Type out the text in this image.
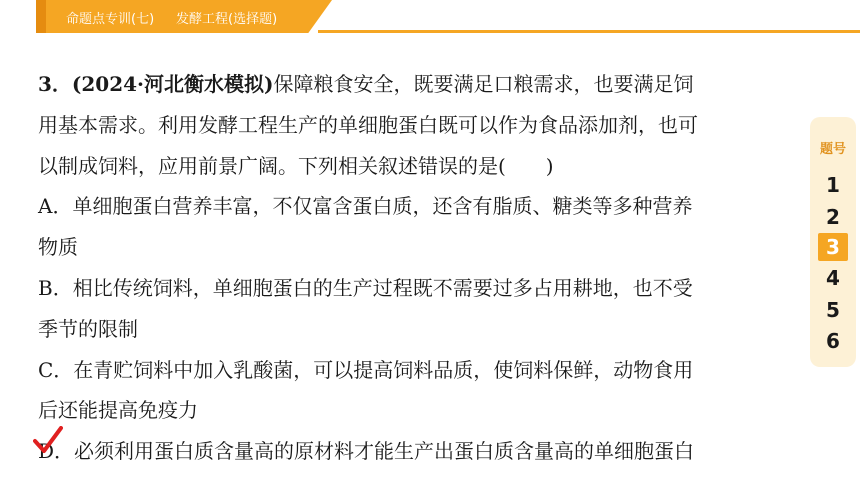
命题点专训(七) 发酵工程(选择题)
3．(2024·河北衡水模拟)保障粮食安全，既要满足口粮需求，也要满足饲
用基本需求。利用发酵工程生产的单细胞蛋白既可以作为食品添加剂，也可
以制成饲料，应用前景广阔。下列相关叙述错误的是(　　)
A．单细胞蛋白营养丰富，不仅富含蛋白质，还含有脂质、糖类等多种营养
物质
B．相比传统饲料，单细胞蛋白的生产过程既不需要过多占用耕地，也不受
季节的限制
C．在青贮饲料中加入乳酸菌，可以提高饲料品质，使饲料保鲜，动物食用
后还能提高免疫力
D．必须利用蛋白质含量高的原材料才能生产出蛋白质含量高的单细胞蛋白
题号
1
2
3
4
5
6
